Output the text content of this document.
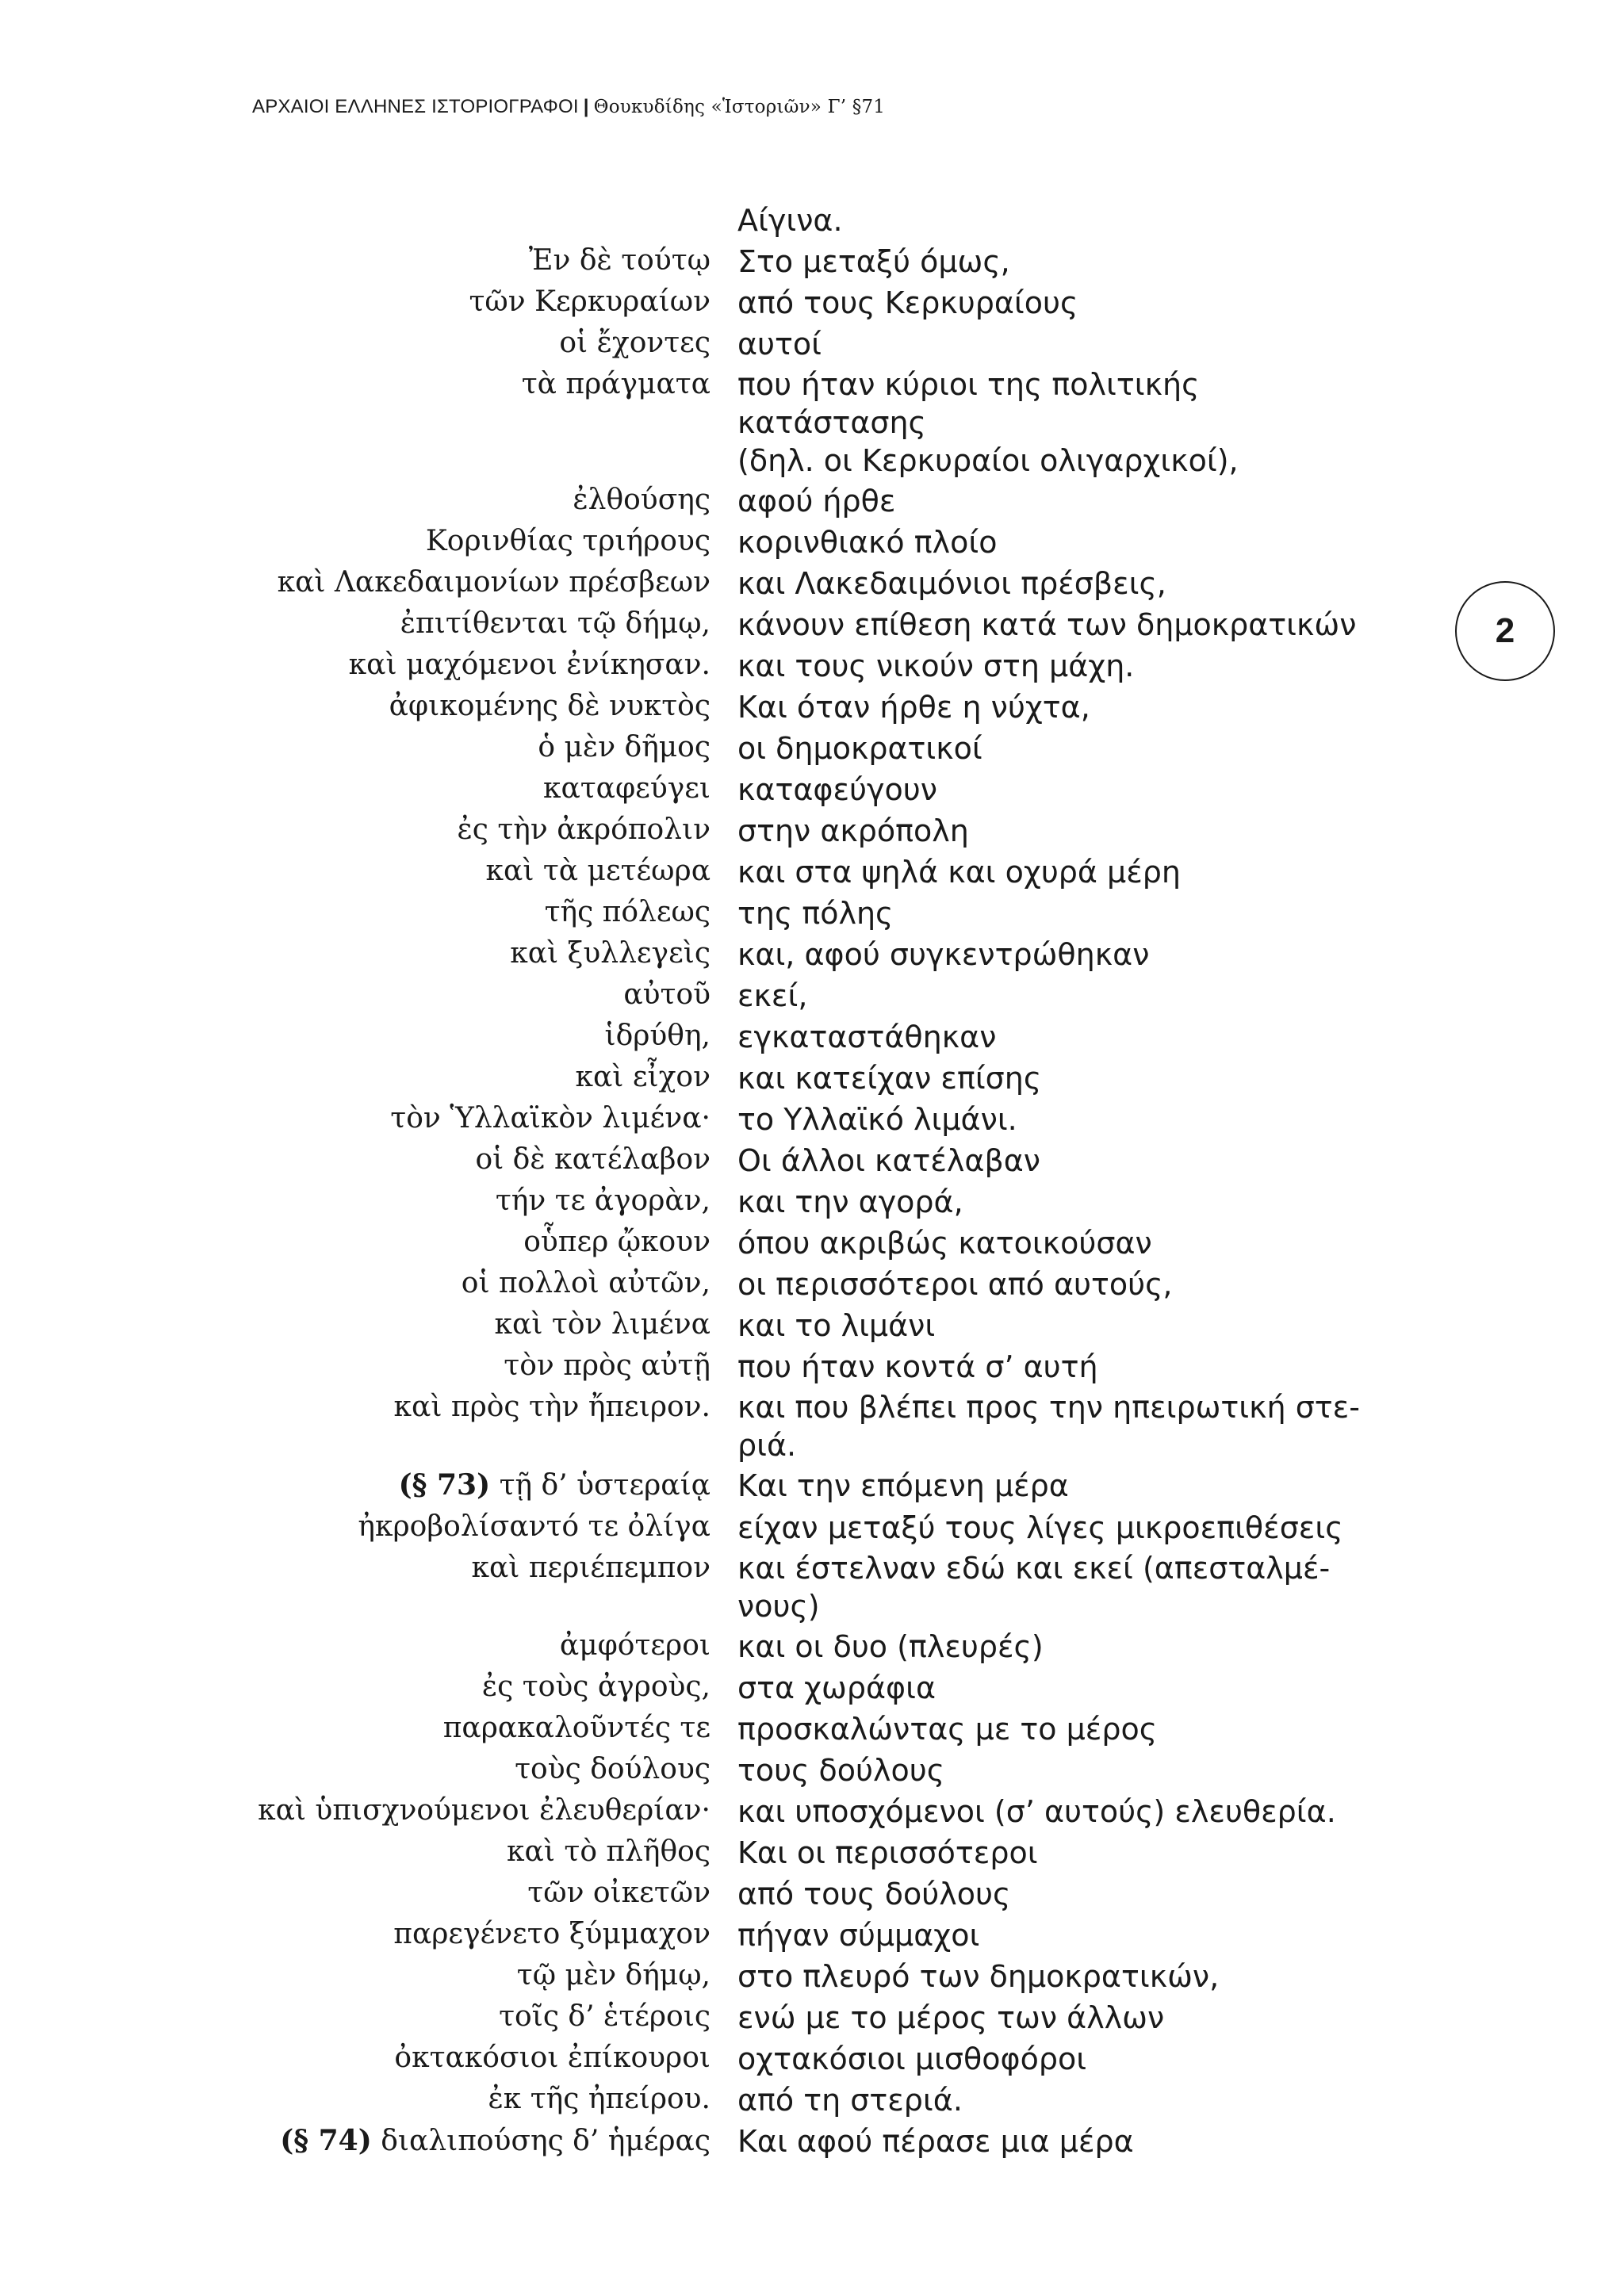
ΑΡΧΑΙΟΙ ΕΛΛΗΝΕΣ ΙΣΤΟΡΙΟΓΡΑΦΟΙ | Θουκυδίδης «Ἱστοριῶν» Γ’ §71
2
Αίγινα.
Ἐν δὲ τούτῳ Στο μεταξύ όμως,
τῶν Κερκυραίων από τους Κερκυραίους
οἱ ἔχοντες αυτοί
τὰ πράγματα που ήταν κύριοι της πολιτικής κατάστασης
(δηλ. οι Κερκυραίοι ολιγαρχικοί),
ἐλθούσης αφού ήρθε
Κορινθίας τριήρους κορινθιακό πλοίο
καὶ Λακεδαιμονίων πρέσβεων και Λακεδαιμόνιοι πρέσβεις,
ἐπιτίθενται τῷ δήμῳ, κάνουν επίθεση κατά των δημοκρατικών
καὶ μαχόμενοι ἐνίκησαν. και τους νικούν στη μάχη.
ἀφικομένης δὲ νυκτὸς Και όταν ήρθε η νύχτα,
ὁ μὲν δῆμος οι δημοκρατικοί
καταφεύγει καταφεύγουν
ἐς τὴν ἀκρόπολιν στην ακρόπολη
καὶ τὰ μετέωρα και στα ψηλά και οχυρά μέρη
τῆς πόλεως της πόλης
καὶ ξυλλεγεὶς και, αφού συγκεντρώθηκαν
αὐτοῦ εκεί,
ἱδρύθη, εγκαταστάθηκαν
καὶ εἶχον και κατείχαν επίσης
τὸν Ὑλλαϊκὸν λιμένα· το Υλλαϊκό λιμάνι.
οἱ δὲ κατέλαβον Οι άλλοι κατέλαβαν
τήν τε ἀγορὰν, και την αγορά,
οὗπερ ᾤκουν όπου ακριβώς κατοικούσαν
οἱ πολλοὶ αὐτῶν, οι περισσότεροι από αυτούς,
καὶ τὸν λιμένα και το λιμάνι
τὸν πρὸς αὐτῇ που ήταν κοντά σ’ αυτή
καὶ πρὸς τὴν ἤπειρον. και που βλέπει προς την ηπειρωτική στε-
ριά.
(§ 73) τῇ δ’ ὑστεραίᾳ Και την επόμενη μέρα
ἠκροβολίσαντό τε ὀλίγα είχαν μεταξύ τους λίγες μικροεπιθέσεις
καὶ περιέπεμπον και έστελναν εδώ και εκεί (απεσταλμέ-
νους)
ἀμφότεροι και οι δυο (πλευρές)
ἐς τοὺς ἀγροὺς, στα χωράφια
παρακαλοῦντές τε προσκαλώντας με το μέρος
τοὺς δούλους τους δούλους
καὶ ὑπισχνούμενοι ἐλευθερίαν· και υποσχόμενοι (σ’ αυτούς) ελευθερία.
καὶ τὸ πλῆθος Και οι περισσότεροι
τῶν οἰκετῶν από τους δούλους
παρεγένετο ξύμμαχον πήγαν σύμμαχοι
τῷ μὲν δήμῳ, στο πλευρό των δημοκρατικών,
τοῖς δ’ ἑτέροις ενώ με το μέρος των άλλων
ὀκτακόσιοι ἐπίκουροι οχτακόσιοι μισθοφόροι
ἐκ τῆς ἠπείρου. από τη στεριά.
(§ 74) διαλιπούσης δ’ ἡμέρας Και αφού πέρασε μια μέρα
